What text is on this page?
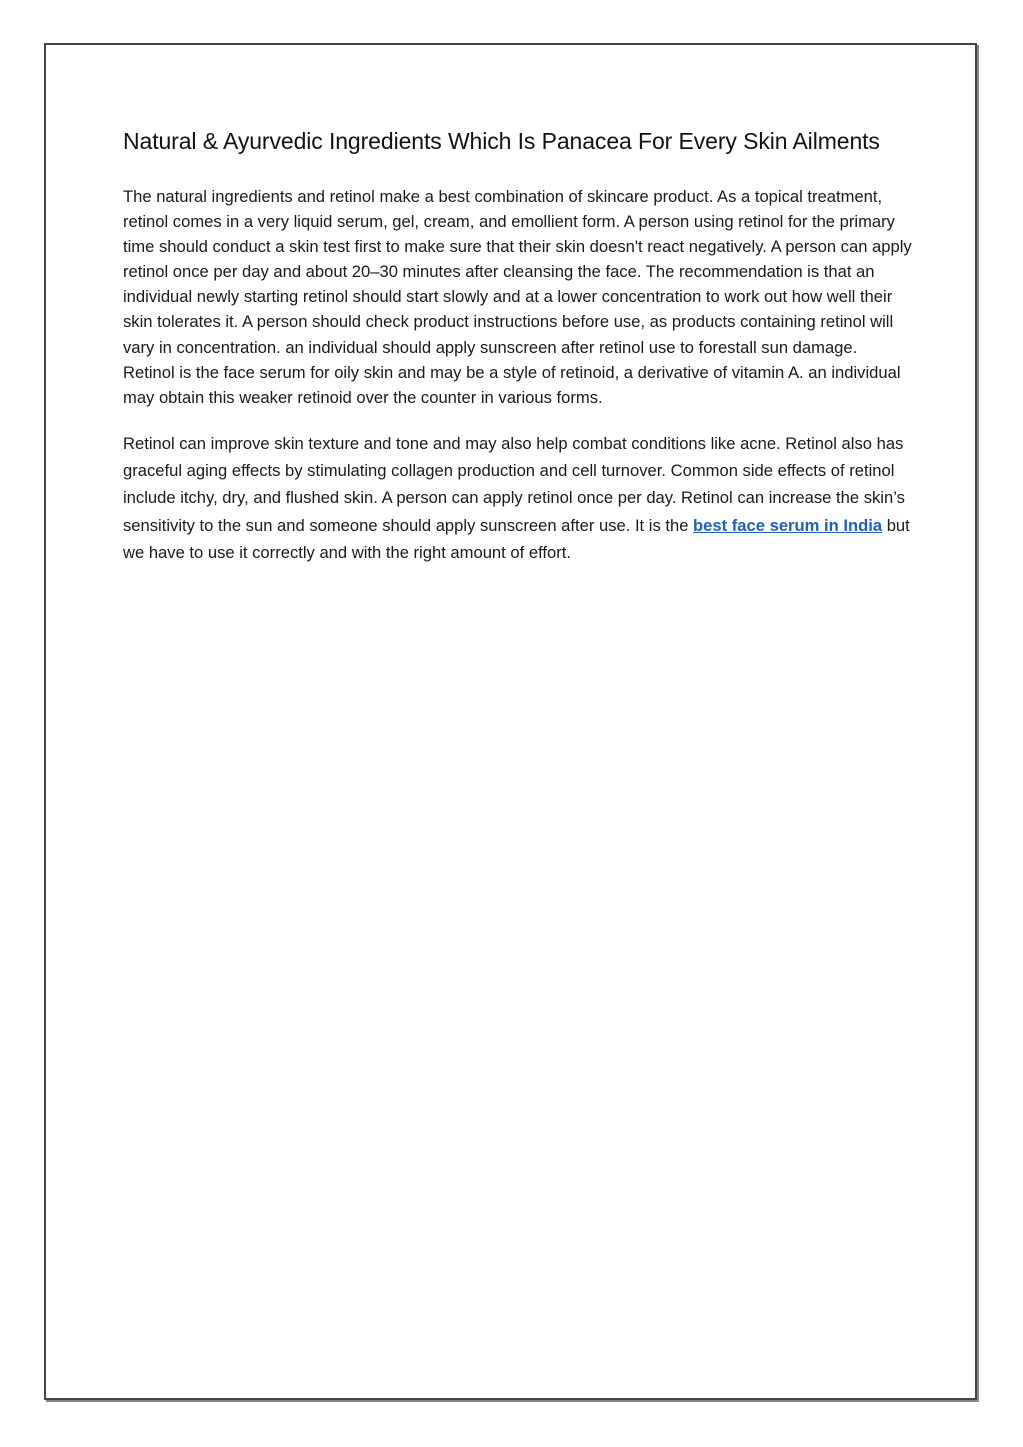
Natural & Ayurvedic Ingredients Which Is Panacea For Every Skin Ailments

The natural ingredients and retinol make a best combination of skincare product. As a topical treatment, retinol comes in a very liquid serum, gel, cream, and emollient form. A person using retinol for the primary time should conduct a skin test first to make sure that their skin doesn't react negatively. A person can apply retinol once per day and about 20–30 minutes after cleansing the face. The recommendation is that an individual newly starting retinol should start slowly and at a lower concentration to work out how well their skin tolerates it. A person should check product instructions before use, as products containing retinol will vary in concentration. an individual should apply sunscreen after retinol use to forestall sun damage. Retinol is the face serum for oily skin and may be a style of retinoid, a derivative of vitamin A. an individual may obtain this weaker retinoid over the counter in various forms.

Retinol can improve skin texture and tone and may also help combat conditions like acne. Retinol also has graceful aging effects by stimulating collagen production and cell turnover. Common side effects of retinol include itchy, dry, and flushed skin. A person can apply retinol once per day. Retinol can increase the skin’s sensitivity to the sun and someone should apply sunscreen after use. It is the best face serum in India but we have to use it correctly and with the right amount of effort.
